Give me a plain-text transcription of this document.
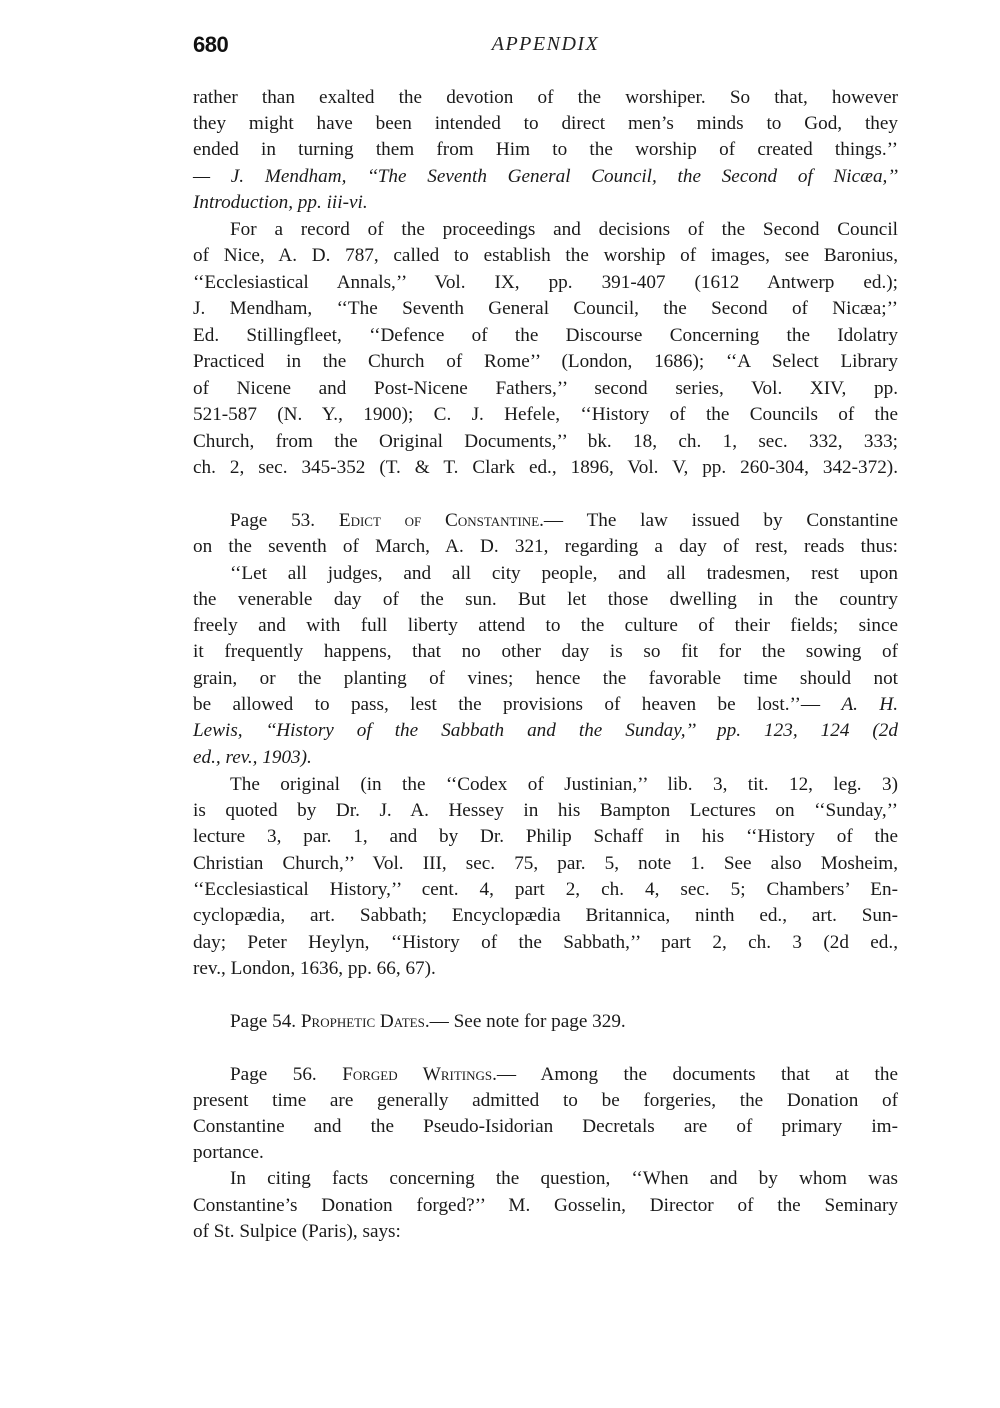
680	APPENDIX
rather than exalted the devotion of the worshiper. So that, however
they might have been intended to direct men’s minds to God, they
ended in turning them from Him to the worship of created things.’’
— J. Mendham, ‘‘The Seventh General Council, the Second of Nicæa,’’
Introduction, pp. iii-vi.
For a record of the proceedings and decisions of the Second Council
of Nice, A. D. 787, called to establish the worship of images, see Baronius,
‘‘Ecclesiastical Annals,’’ Vol. IX, pp. 391-407 (1612 Antwerp ed.);
J. Mendham, ‘‘The Seventh General Council, the Second of Nicæa;’’
Ed. Stillingfleet, ‘‘Defence of the Discourse Concerning the Idolatry
Practiced in the Church of Rome’’ (London, 1686); ‘‘A Select Library
of Nicene and Post-Nicene Fathers,’’ second series, Vol. XIV, pp.
521-587 (N. Y., 1900); C. J. Hefele, ‘‘History of the Councils of the
Church, from the Original Documents,’’ bk. 18, ch. 1, sec. 332, 333;
ch. 2, sec. 345-352 (T. & T. Clark ed., 1896, Vol. V, pp. 260-304, 342-372).
Page 53. Edict of Constantine.— The law issued by Constantine
on the seventh of March, A. D. 321, regarding a day of rest, reads thus:
‘‘Let all judges, and all city people, and all tradesmen, rest upon
the venerable day of the sun. But let those dwelling in the country
freely and with full liberty attend to the culture of their fields; since
it frequently happens, that no other day is so fit for the sowing of
grain, or the planting of vines; hence the favorable time should not
be allowed to pass, lest the provisions of heaven be lost.’’— A. H.
Lewis, ‘‘History of the Sabbath and the Sunday,’’ pp. 123, 124 (2d
ed., rev., 1903).
The original (in the ‘‘Codex of Justinian,’’ lib. 3, tit. 12, leg. 3)
is quoted by Dr. J. A. Hessey in his Bampton Lectures on ‘‘Sunday,’’
lecture 3, par. 1, and by Dr. Philip Schaff in his ‘‘History of the
Christian Church,’’ Vol. III, sec. 75, par. 5, note 1. See also Mosheim,
‘‘Ecclesiastical History,’’ cent. 4, part 2, ch. 4, sec. 5; Chambers’ En-
cyclopædia, art. Sabbath; Encyclopædia Britannica, ninth ed., art. Sun-
day; Peter Heylyn, ‘‘History of the Sabbath,’’ part 2, ch. 3 (2d ed.,
rev., London, 1636, pp. 66, 67).
Page 54. Prophetic Dates.— See note for page 329.
Page 56. Forged Writings.— Among the documents that at the
present time are generally admitted to be forgeries, the Donation of
Constantine and the Pseudo-Isidorian Decretals are of primary im-
portance.
In citing facts concerning the question, ‘‘When and by whom was
Constantine’s Donation forged?’’ M. Gosselin, Director of the Seminary
of St. Sulpice (Paris), says:
